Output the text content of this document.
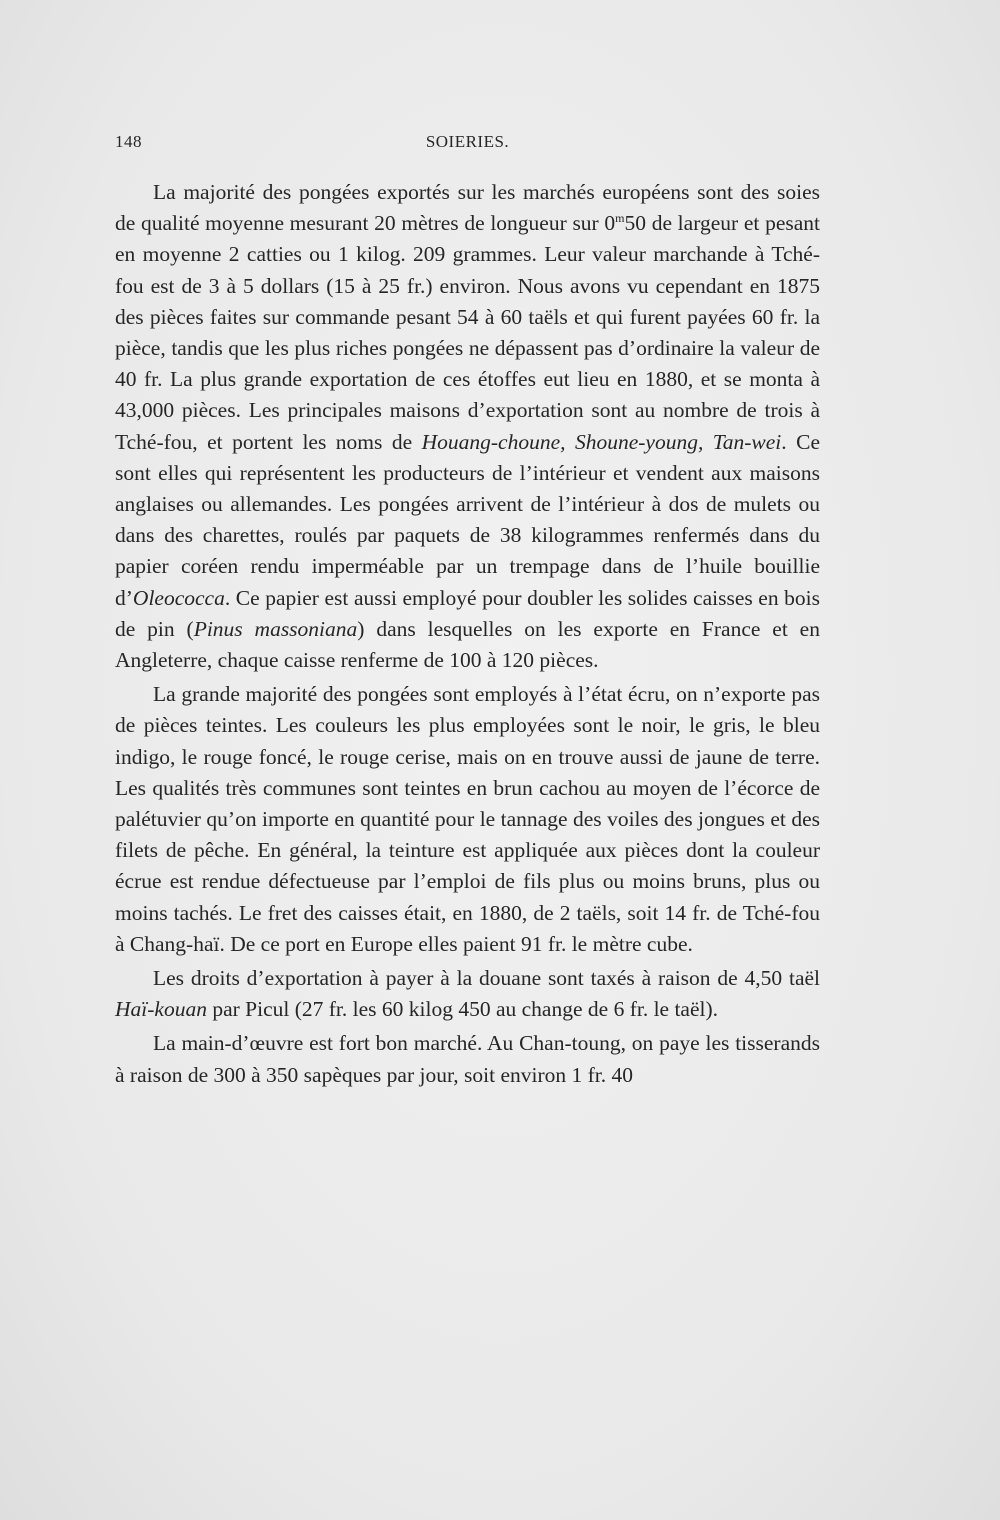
148	SOIERIES.

La majorité des pongées exportés sur les marchés européens sont des soies de qualité moyenne mesurant 20 mètres de longueur sur 0$^m$50 de largeur et pesant en moyenne 2 catties ou 1 kilog. 209 grammes. Leur valeur marchande à Tché-fou est de 3 à 5 dollars (15 à 25 fr.) environ. Nous avons vu cependant en 1875 des pièces faites sur commande pesant 54 à 60 taëls et qui furent payées 60 fr. la pièce, tandis que les plus riches pongées ne dépassent pas d’ordinaire la valeur de 40 fr. La plus grande exportation de ces étoffes eut lieu en 1880, et se monta à 43,000 pièces. Les principales maisons d’exportation sont au nombre de trois à Tché-fou, et portent les noms de Houang-choune, Shoune-young, Tan-wei. Ce sont elles qui représentent les producteurs de l’intérieur et vendent aux maisons anglaises ou allemandes. Les pongées arrivent de l’intérieur à dos de mulets ou dans des charettes, roulés par paquets de 38 kilogrammes renfermés dans du papier coréen rendu imperméable par un trempage dans de l’huile bouillie d’Oleococca. Ce papier est aussi employé pour doubler les solides caisses en bois de pin (Pinus massoniana) dans lesquelles on les exporte en France et en Angleterre, chaque caisse renferme de 100 à 120 pièces.

La grande majorité des pongées sont employés à l’état écru, on n’exporte pas de pièces teintes. Les couleurs les plus employées sont le noir, le gris, le bleu indigo, le rouge foncé, le rouge cerise, mais on en trouve aussi de jaune de terre. Les qualités très communes sont teintes en brun cachou au moyen de l’écorce de palétuvier qu’on importe en quantité pour le tannage des voiles des jongues et des filets de pêche. En général, la teinture est appliquée aux pièces dont la couleur écrue est rendue défectueuse par l’emploi de fils plus ou moins bruns, plus ou moins tachés. Le fret des caisses était, en 1880, de 2 taëls, soit 14 fr. de Tché-fou à Chang-haï. De ce port en Europe elles paient 91 fr. le mètre cube.

Les droits d’exportation à payer à la douane sont taxés à raison de 4,50 taël Haï-kouan par Picul (27 fr. les 60 kilog 450 au change de 6 fr. le taël).

La main-d’œuvre est fort bon marché. Au Chan-toung, on paye les tisserands à raison de 300 à 350 sapèques par jour, soit environ 1 fr. 40
